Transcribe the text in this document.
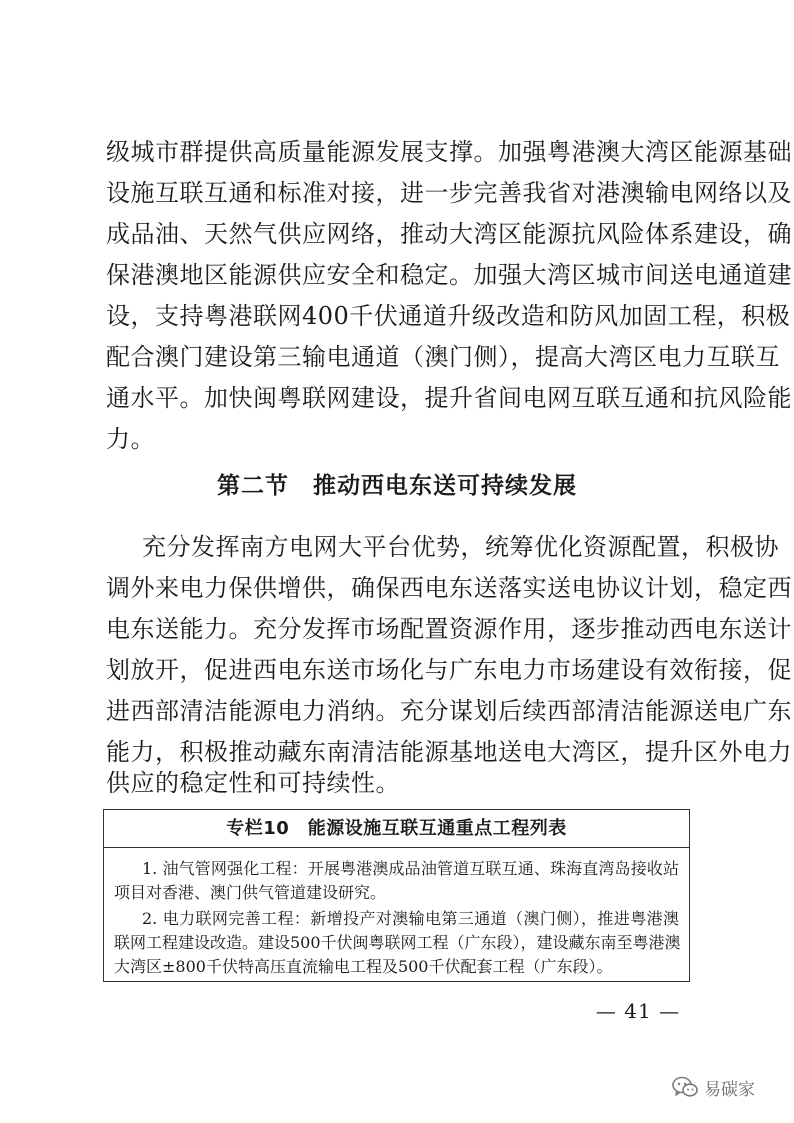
级城市群提供高质量能源发展支撑。加强粤港澳大湾区能源基础
设施互联互通和标准对接，进一步完善我省对港澳输电网络以及
成品油、天然气供应网络，推动大湾区能源抗风险体系建设，确
保港澳地区能源供应安全和稳定。加强大湾区城市间送电通道建
设，支持粤港联网400千伏通道升级改造和防风加固工程，积极
配合澳门建设第三输电通道（澳门侧），提高大湾区电力互联互
通水平。加快闽粤联网建设，提升省间电网互联互通和抗风险能
力。
第二节　推动西电东送可持续发展
充分发挥南方电网大平台优势，统筹优化资源配置，积极协
调外来电力保供增供，确保西电东送落实送电协议计划，稳定西
电东送能力。充分发挥市场配置资源作用，逐步推动西电东送计
划放开，促进西电东送市场化与广东电力市场建设有效衔接，促
进西部清洁能源电力消纳。充分谋划后续西部清洁能源送电广东
能力，积极推动藏东南清洁能源基地送电大湾区，提升区外电力
供应的稳定性和可持续性。
专栏10　能源设施互联互通重点工程列表
1. 油气管网强化工程：开展粤港澳成品油管道互联互通、珠海直湾岛接收站
项目对香港、澳门供气管道建设研究。
2. 电力联网完善工程：新增投产对澳输电第三通道（澳门侧），推进粤港澳
联网工程建设改造。建设500千伏闽粤联网工程（广东段），建设藏东南至粤港澳
大湾区±800千伏特高压直流输电工程及500千伏配套工程（广东段）。
— 41 —
易碳家
